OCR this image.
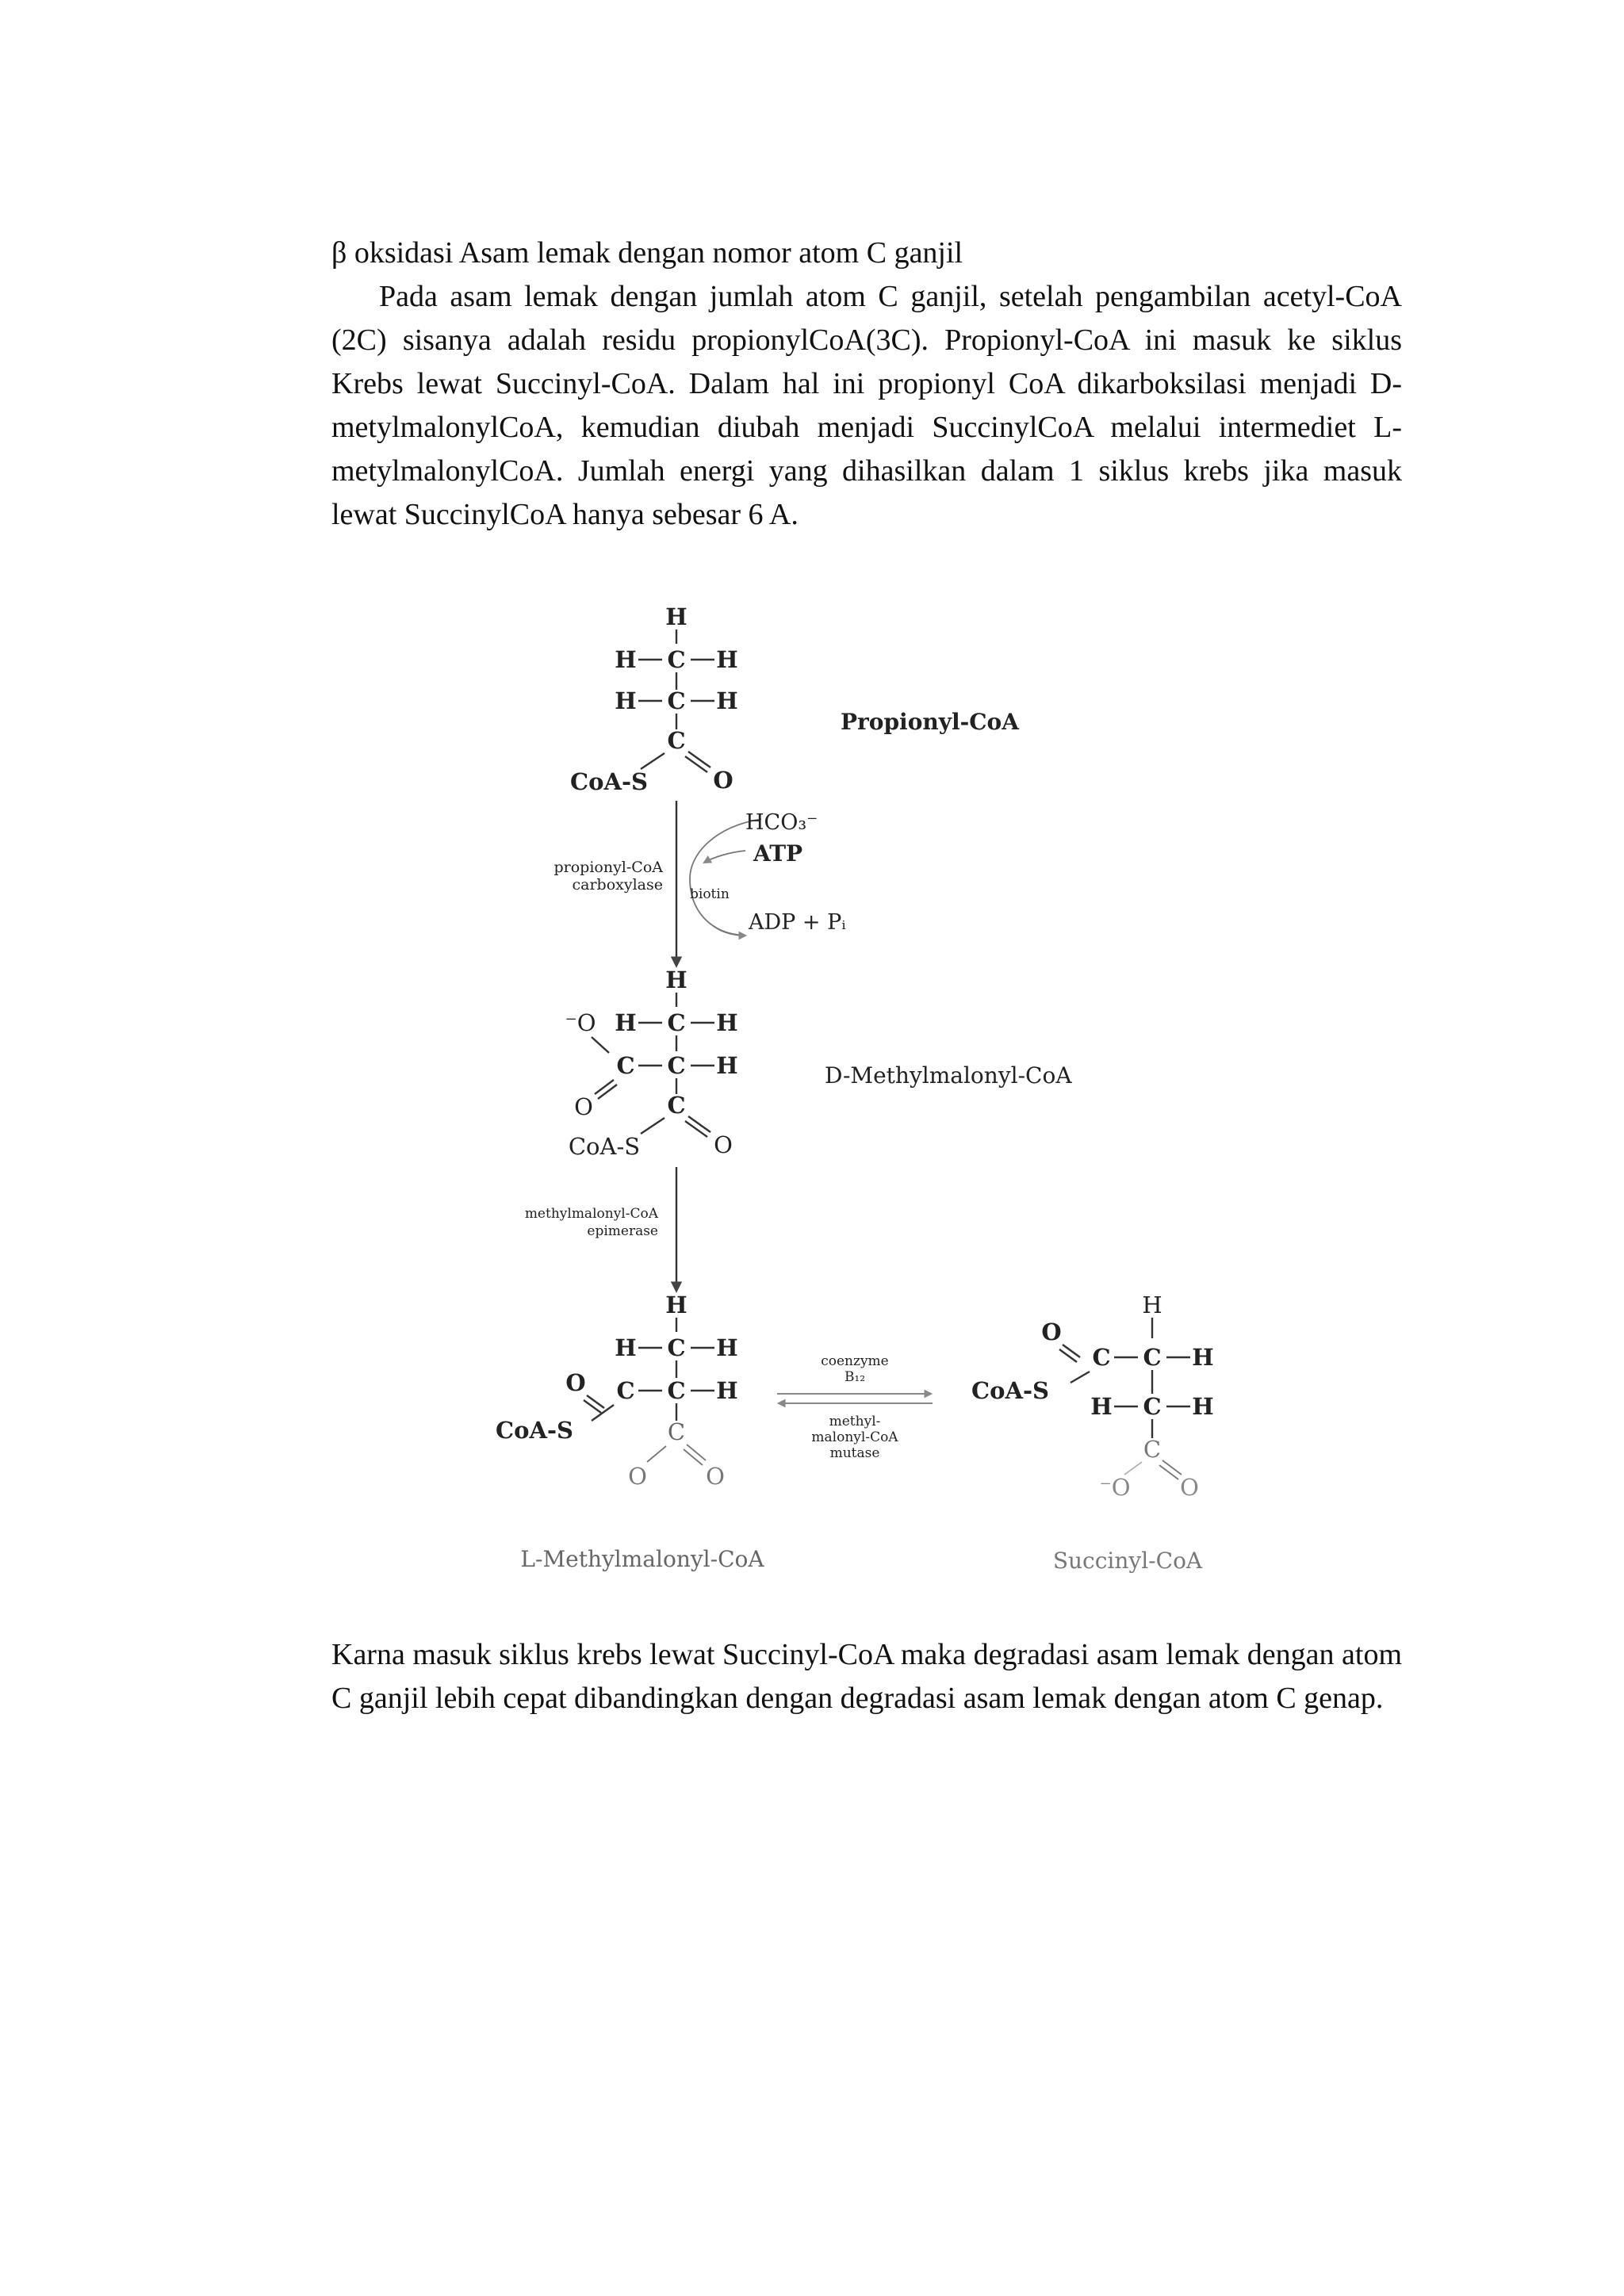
β oksidasi Asam lemak dengan nomor atom C ganjil

Pada asam lemak dengan jumlah atom C ganjil, setelah pengambilan acetyl-CoA (2C) sisanya adalah residu propionylCoA(3C). Propionyl-CoA ini masuk ke siklus Krebs lewat Succinyl-CoA. Dalam hal ini propionyl CoA dikarboksilasi menjadi D-metylmalonylCoA, kemudian diubah menjadi SuccinylCoA melalui intermediet L-metylmalonylCoA. Jumlah energi yang dihasilkan dalam 1 siklus krebs jika masuk lewat SuccinylCoA hanya sebesar 6 A.

H
H C H
H C H
C
CoA-S	O
Propionyl-CoA
HCO₃⁻
ATP
biotin
ADP + Pᵢ
propionyl-CoA
carboxylase
H
⁻O H C H
C C H
O	C
CoA-S	O
D-Methylmalonyl-CoA
methylmalonyl-CoA
epimerase
H
H C H
O C C H
CoA-S	C
O	O
L-Methylmalonyl-CoA
coenzyme
B₁₂
methyl-
malonyl-CoA
mutase
H
O
C C H
CoA-S
H C H
C
⁻O O
Succinyl-CoA

Karna masuk siklus krebs lewat Succinyl-CoA maka degradasi asam lemak dengan atom C ganjil lebih cepat dibandingkan dengan degradasi asam lemak dengan atom C genap.
